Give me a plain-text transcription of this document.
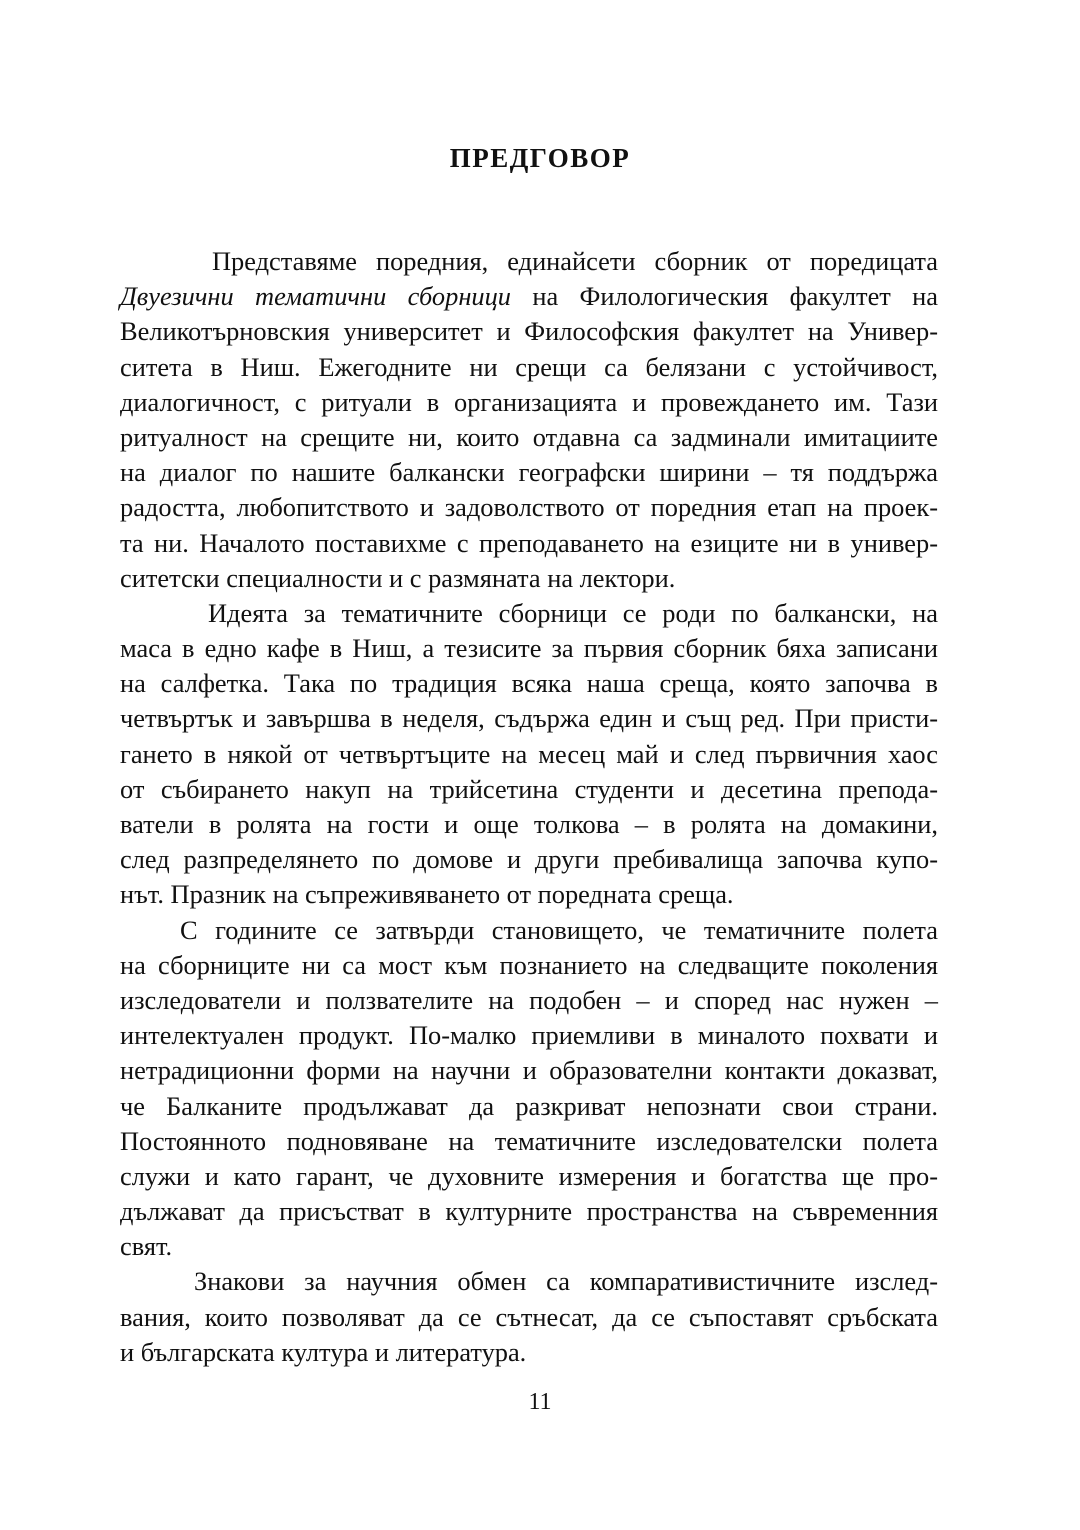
ПРЕДГОВОР
Представяме поредния, единайсети сборник от поредицата
Двуезични тематични сборници на Филологическия факултет на
Великотърновския университет и Философския факултет на Универ-
ситета в Ниш. Ежегодните ни срещи са белязани с устойчивост,
диалогичност, с ритуали в организацията и провеждането им. Тази
ритуалност на срещите ни, които отдавна са задминали имитациите
на диалог по нашите балкански географски ширини – тя поддържа
радостта, любопитството и задоволството от поредния етап на проек-
та ни. Началото поставихме с преподаването на езиците ни в универ-
ситетски специалности и с размяната на лектори.
Идеята за тематичните сборници се роди по балкански, на
маса в едно кафе в Ниш, а тезисите за първия сборник бяха записани
на салфетка. Така по традиция всяка наша среща, която започва в
четвъртък и завършва в неделя, съдържа един и същ ред. При присти-
гането в някой от четвъртъците на месец май и след първичния хаос
от събирането накуп на трийсетина студенти и десетина препода-
ватели в ролята на гости и още толкова – в ролята на домакини,
след разпределянето по домове и други пребивалища започва купо-
нът. Празник на съпреживяването от поредната среща.
С годините се затвърди становището, че тематичните полета
на сборниците ни са мост към познанието на следващите поколения
изследователи и ползвателите на подобен – и според нас нужен –
интелектуален продукт. По-малко приемливи в миналото похвати и
нетрадиционни форми на научни и образователни контакти доказват,
че Балканите продължават да разкриват непознати свои страни.
Постоянното подновяване на тематичните изследователски полета
служи и като гарант, че духовните измерения и богатства ще про-
дължават да присъстват в културните пространства на съвременния
свят.
Знакови за научния обмен са компаративистичните изслед-
вания, които позволяват да се сътнесат, да се съпоставят сръбската
и българската култура и литература.
11
